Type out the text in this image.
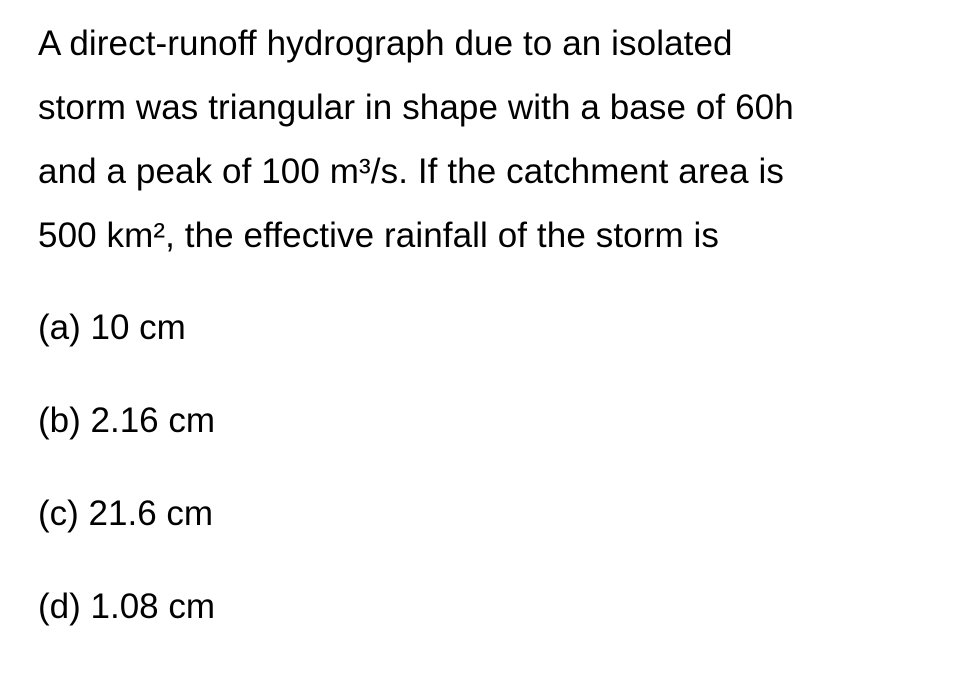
A direct-runoff hydrograph due to an isolated
storm was triangular in shape with a base of 60h
and a peak of 100 m³/s. If the catchment area is
500 km², the effective rainfall of the storm is
(a) 10 cm
(b) 2.16 cm
(c) 21.6 cm
(d) 1.08 cm
